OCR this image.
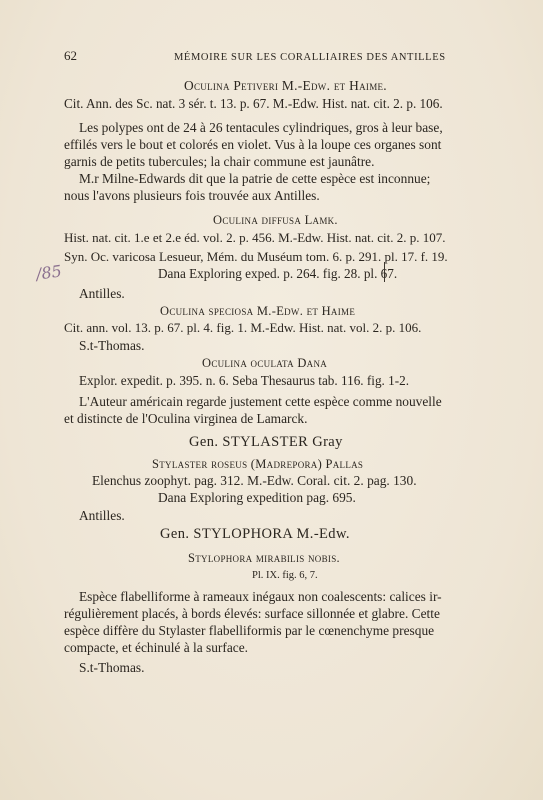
62	MÉMOIRE SUR LES CORALLIAIRES DES ANTILLES
Oculina Petiveri M.-Edw. et Haime.
Cit. Ann. des Sc. nat. 3 sér. t. 13. p. 67. M.-Edw. Hist. nat. cit. 2. p. 106.
Les polypes ont de 24 à 26 tentacules cylindriques, gros à leur base,
effilés vers le bout et colorés en violet. Vus à la loupe ces organes sont
garnis de petits tubercules; la chair commune est jaunâtre.
M.r Milne-Edwards dit que la patrie de cette espèce est inconnue;
nous l'avons plusieurs fois trouvée aux Antilles.
Oculina diffusa Lamk.
Hist. nat. cit. 1.e et 2.e éd. vol. 2. p. 456. M.-Edw. Hist. nat. cit. 2. p. 107.
Syn. Oc. varicosa Lesueur, Mém. du Muséum tom. 6. p. 291. pl. 17. f. 19.
Dana Exploring exped. p. 264. fig. 28. pl. 67.
Antilles.
/85
Oculina speciosa M.-Edw. et Haime
Cit. ann. vol. 13. p. 67. pl. 4. fig. 1. M.-Edw. Hist. nat. vol. 2. p. 106.
S.t-Thomas.
Oculina oculata Dana
Explor. expedit. p. 395. n. 6. Seba Thesaurus tab. 116. fig. 1-2.
L'Auteur américain regarde justement cette espèce comme nouvelle
et distincte de l'Oculina virginea de Lamarck.
Gen. STYLASTER Gray
Stylaster roseus (Madrepora) Pallas
Elenchus zoophyt. pag. 312. M.-Edw. Coral. cit. 2. pag. 130.
Dana Exploring expedition pag. 695.
Antilles.
Gen. STYLOPHORA M.-Edw.
Stylophora mirabilis nobis.
Pl. IX. fig. 6, 7.
Espèce flabelliforme à rameaux inégaux non coalescents: calices ir-
régulièrement placés, à bords élevés: surface sillonnée et glabre. Cette
espèce diffère du Stylaster flabelliformis par le cœnenchyme presque
compacte, et échinulé à la surface.
S.t-Thomas.
